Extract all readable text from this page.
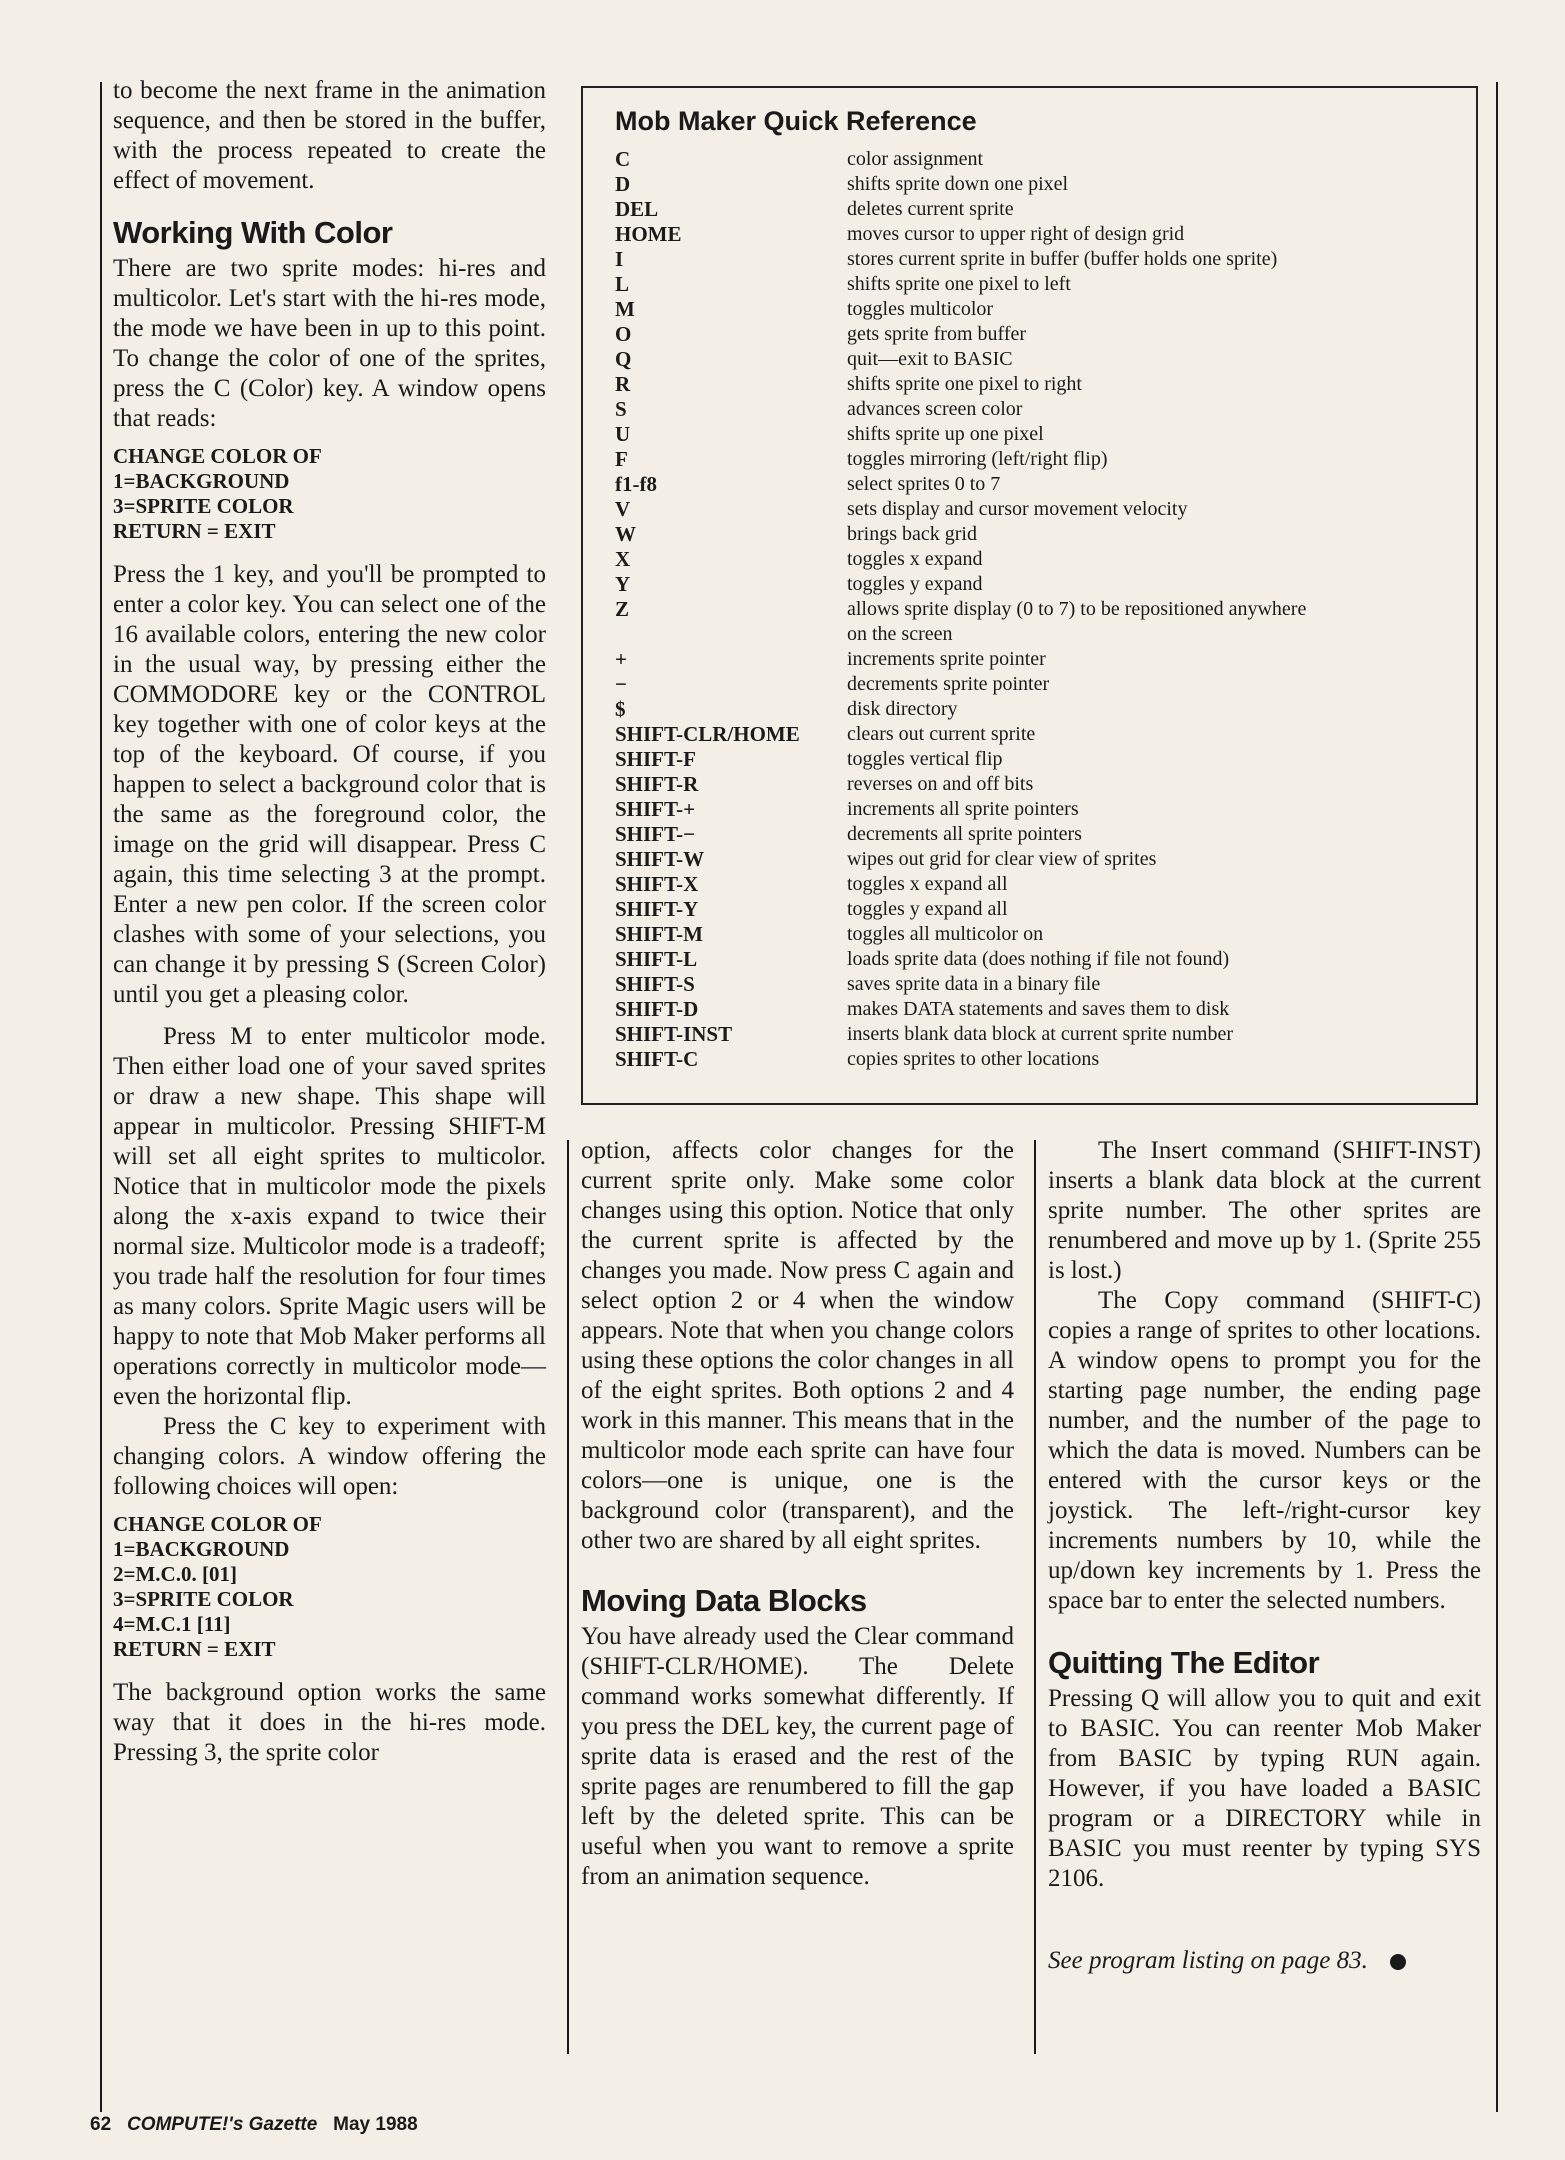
to become the next frame in the animation sequence, and then be stored in the buffer, with the process repeated to create the effect of movement.

Working With Color

There are two sprite modes: hi-res and multicolor. Let's start with the hi-res mode, the mode we have been in up to this point. To change the color of one of the sprites, press the C (Color) key. A window opens that reads:

CHANGE COLOR OF
1=BACKGROUND
3=SPRITE COLOR
RETURN = EXIT

Press the 1 key, and you'll be prompted to enter a color key. You can select one of the 16 available colors, entering the new color in the usual way, by pressing either the COMMODORE key or the CONTROL key together with one of color keys at the top of the keyboard. Of course, if you happen to select a background color that is the same as the foreground color, the image on the grid will disappear. Press C again, this time selecting 3 at the prompt. Enter a new pen color. If the screen color clashes with some of your selections, you can change it by pressing S (Screen Color) until you get a pleasing color.

Press M to enter multicolor mode. Then either load one of your saved sprites or draw a new shape. This shape will appear in multicolor. Pressing SHIFT-M will set all eight sprites to multicolor. Notice that in multicolor mode the pixels along the x-axis expand to twice their normal size. Multicolor mode is a tradeoff; you trade half the resolution for four times as many colors. Sprite Magic users will be happy to note that Mob Maker performs all operations correctly in multicolor mode—even the horizontal flip.

Press the C key to experiment with changing colors. A window offering the following choices will open:

CHANGE COLOR OF
1=BACKGROUND
2=M.C.0. [01]
3=SPRITE COLOR
4=M.C.1 [11]
RETURN = EXIT

The background option works the same way that it does in the hi-res mode. Pressing 3, the sprite color

Mob Maker Quick Reference
C	color assignment

D	shifts sprite down one pixel

DEL	deletes current sprite

HOME	moves cursor to upper right of design grid

I	stores current sprite in buffer (buffer holds one sprite)

L	shifts sprite one pixel to left

M	toggles multicolor

O	gets sprite from buffer

Q	quit—exit to BASIC

R	shifts sprite one pixel to right

S	advances screen color

U	shifts sprite up one pixel

F	toggles mirroring (left/right flip)

f1-f8	select sprites 0 to 7

V	sets display and cursor movement velocity

W	brings back grid

X	toggles x expand

Y	toggles y expand

Z	allows sprite display (0 to 7) to be repositioned anywhere
on the screen

+	increments sprite pointer

−	decrements sprite pointer

$	disk directory

SHIFT-CLR/HOME	clears out current sprite

SHIFT-F	toggles vertical flip

SHIFT-R	reverses on and off bits

SHIFT-+	increments all sprite pointers

SHIFT-−	decrements all sprite pointers

SHIFT-W	wipes out grid for clear view of sprites

SHIFT-X	toggles x expand all

SHIFT-Y	toggles y expand all

SHIFT-M	toggles all multicolor on

SHIFT-L	loads sprite data (does nothing if file not found)

SHIFT-S	saves sprite data in a binary file

SHIFT-D	makes DATA statements and saves them to disk

SHIFT-INST	inserts blank data block at current sprite number

SHIFT-C	copies sprites to other locations

option, affects color changes for the current sprite only. Make some color changes using this option. Notice that only the current sprite is affected by the changes you made. Now press C again and select option 2 or 4 when the window appears. Note that when you change colors using these options the color changes in all of the eight sprites. Both options 2 and 4 work in this manner. This means that in the multicolor mode each sprite can have four colors—one is unique, one is the background color (transparent), and the other two are shared by all eight sprites.

Moving Data Blocks

You have already used the Clear command (SHIFT-CLR/HOME). The Delete command works somewhat differently. If you press the DEL key, the current page of sprite data is erased and the rest of the sprite pages are renumbered to fill the gap left by the deleted sprite. This can be useful when you want to remove a sprite from an animation sequence.

The Insert command (SHIFT-INST) inserts a blank data block at the current sprite number. The other sprites are renumbered and move up by 1. (Sprite 255 is lost.)

The Copy command (SHIFT-C) copies a range of sprites to other locations. A window opens to prompt you for the starting page number, the ending page number, and the number of the page to which the data is moved. Numbers can be entered with the cursor keys or the joystick. The left-/right-cursor key increments numbers by 10, while the up/down key increments by 1. Press the space bar to enter the selected numbers.

Quitting The Editor

Pressing Q will allow you to quit and exit to BASIC. You can reenter Mob Maker from BASIC by typing RUN again. However, if you have loaded a BASIC program or a DIRECTORY while in BASIC you must reenter by typing SYS 2106.

See program listing on page 83.

62 COMPUTE!'s Gazette May 1988
